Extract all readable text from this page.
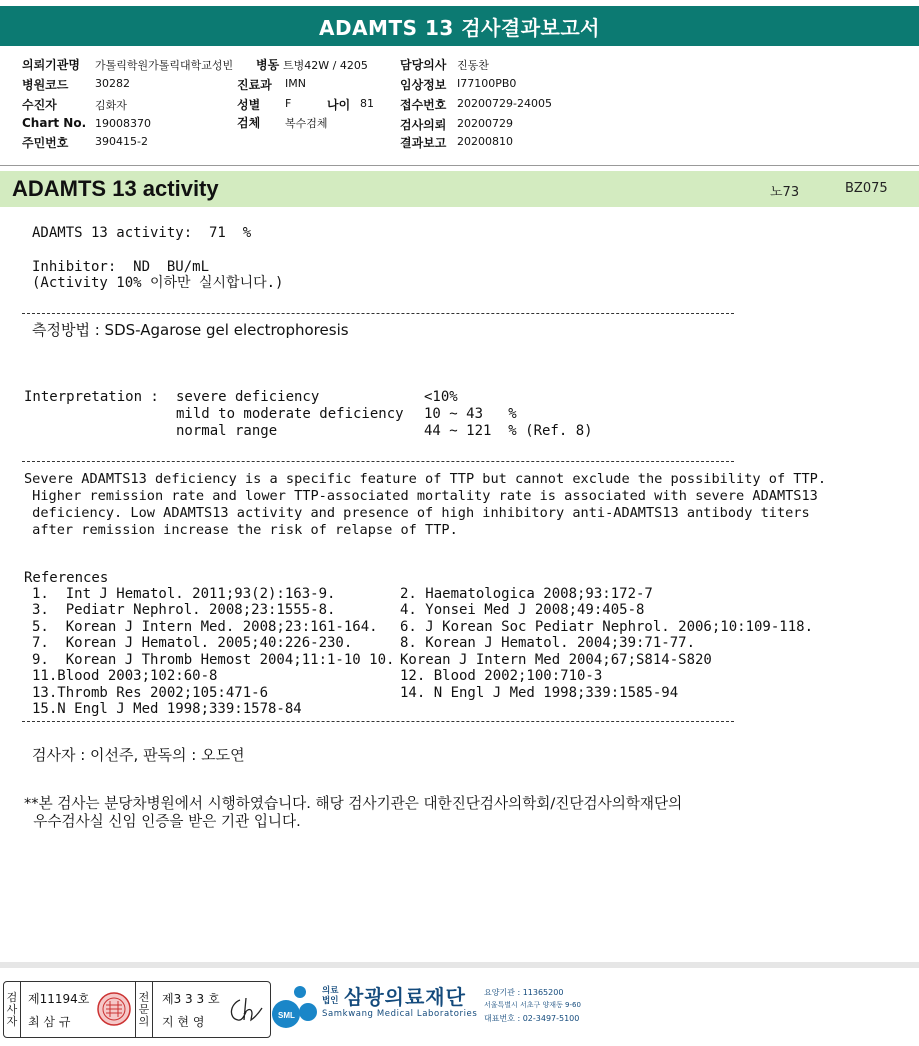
ADAMTS 13 검사결과보고서
의뢰기관명 가톨릭학원가톨릭대학교성빈 병동 트병42W / 4205	담당의사 진동찬
병원코드 30282	진료과 IMN	임상정보 I77100PB0
수진자	김화자	성별 F	나이 81 접수번호 20200729-24005
Chart No. 19008370	검체 복수검체	검사의뢰 20200729
주민번호 390415-2	결과보고 20200810
ADAMTS 13 activity	노73	BZ075
ADAMTS 13 activity:  71  %
Inhibitor:  ND  BU/mL
(Activity 10% 이하만 실시합니다.)
측정방법 : SDS-Agarose gel electrophoresis
Interpretation : severe deficiency	<10%
mild to moderate deficiency 10 ~ 43   %
normal range	44 ~ 121  % (Ref. 8)
Severe ADAMTS13 deficiency is a specific feature of TTP but cannot exclude the possibility of TTP.
Higher remission rate and lower TTP-associated mortality rate is associated with severe ADAMTS13
deficiency. Low ADAMTS13 activity and presence of high inhibitory anti-ADAMTS13 antibody titers
after remission increase the risk of relapse of TTP.
References
1.  Int J Hematol. 2011;93(2):163-9.	2. Haematologica 2008;93:172-7
3.  Pediatr Nephrol. 2008;23:1555-8.	4. Yonsei Med J 2008;49:405-8
5.  Korean J Intern Med. 2008;23:161-164. 6. J Korean Soc Pediatr Nephrol. 2006;10:109-118.
7.  Korean J Hematol. 2005;40:226-230.	8. Korean J Hematol. 2004;39:71-77.
9.  Korean J Thromb Hemost 2004;11:1-10 10. Korean J Intern Med 2004;67;S814-S820
11.Blood 2003;102:60-8	12. Blood 2002;100:710-3
13.Thromb Res 2002;105:471-6	14. N Engl J Med 1998;339:1585-94
15.N Engl J Med 1998;339:1578-84
검사자 : 이선주, 판독의 : 오도연
**본 검사는 분당차병원에서 시행하였습니다. 해당 검사기관은 대한진단검사의학회/진단검사의학재단의
우수검사실 신임 인증을 받은 기관 입니다.
검사자
제11194호
최 삼 규
전문의
제3 3 3 호
지 현 영	SML
의료법인 삼광의료재단
Samkwang Medical Laboratories
요양기관 : 11365200
서울특별시 서초구 양재동 9-60
대표번호 : 02-3497-5100
